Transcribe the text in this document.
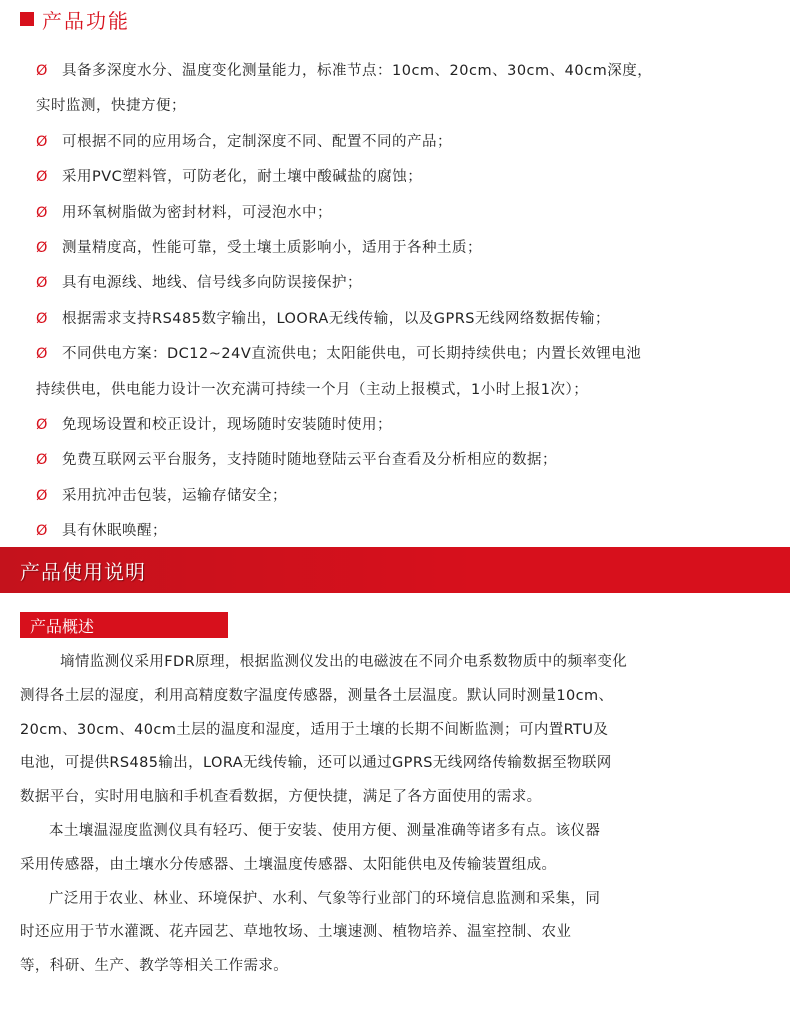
产品功能
Ø 具备多深度水分、温度变化测量能力，标准节点：10cm、20cm、30cm、40cm深度，
实时监测，快捷方便；
Ø 可根据不同的应用场合，定制深度不同、配置不同的产品；
Ø 采用PVC塑料管，可防老化，耐土壤中酸碱盐的腐蚀；
Ø 用环氧树脂做为密封材料，可浸泡水中；
Ø 测量精度高，性能可靠，受土壤土质影响小，适用于各种土质；
Ø 具有电源线、地线、信号线多向防误接保护；
Ø 根据需求支持RS485数字输出，LOORA无线传输，以及GPRS无线网络数据传输；
Ø 不同供电方案：DC12~24V直流供电；太阳能供电，可长期持续供电；内置长效锂电池
持续供电，供电能力设计一次充满可持续一个月（主动上报模式，1小时上报1次）；
Ø 免现场设置和校正设计，现场随时安装随时使用；
Ø 免费互联网云平台服务，支持随时随地登陆云平台查看及分析相应的数据；
Ø 采用抗冲击包装，运输存储安全；
Ø 具有休眠唤醒；
产品使用说明
产品概述

墒情监测仪采用FDR原理，根据监测仪发出的电磁波在不同介电系数物质中的频率变化
测得各土层的湿度，利用高精度数字温度传感器，测量各土层温度。默认同时测量10cm、
20cm、30cm、40cm土层的温度和湿度，适用于土壤的长期不间断监测；可内置RTU及
电池，可提供RS485输出，LORA无线传输，还可以通过GPRS无线网络传输数据至物联网
数据平台，实时用电脑和手机查看数据，方便快捷，满足了各方面使用的需求。

本土壤温湿度监测仪具有轻巧、便于安装、使用方便、测量准确等诸多有点。该仪器
采用传感器，由土壤水分传感器、土壤温度传感器、太阳能供电及传输装置组成。

广泛用于农业、林业、环境保护、水利、气象等行业部门的环境信息监测和采集，同
时还应用于节水灌溉、花卉园艺、草地牧场、土壤速测、植物培养、温室控制、农业
等，科研、生产、教学等相关工作需求。
